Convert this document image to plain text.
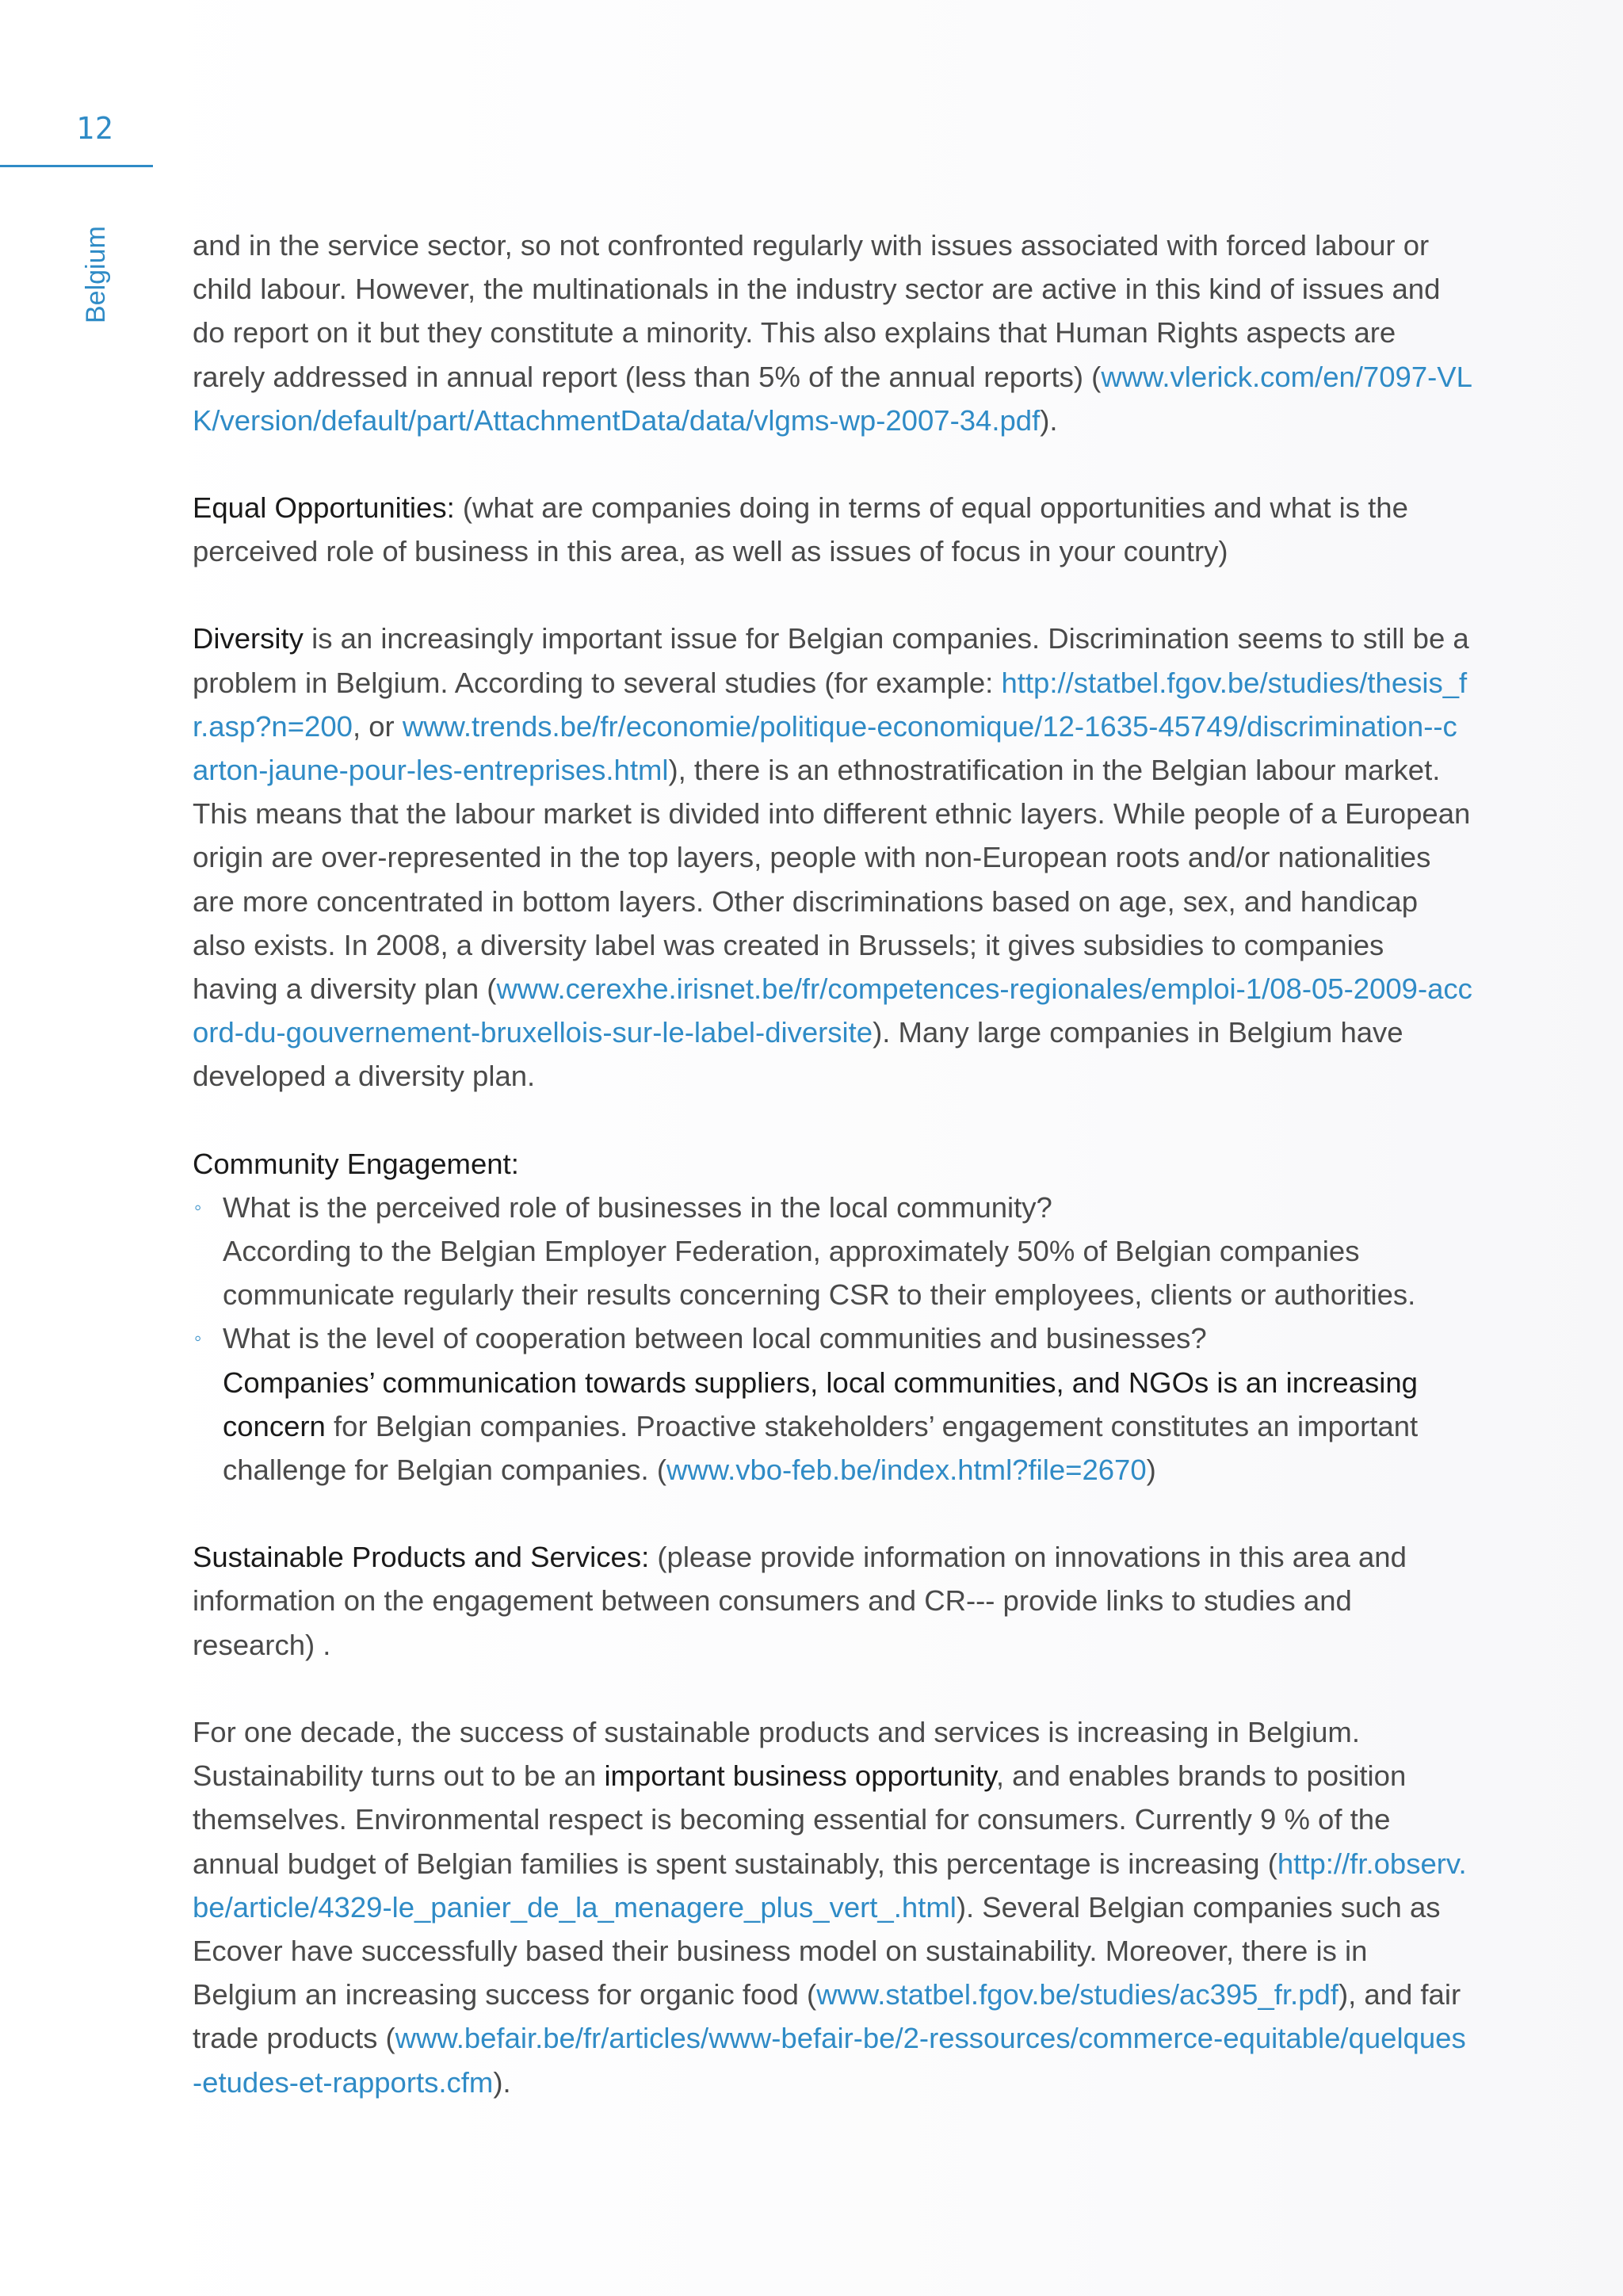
12
Belgium	and in the service sector, so not confronted regularly with issues associated with forced labour or child labour. However, the multinationals in the industry sector are active in this kind of issues and do report on it but they constitute a minority. This also explains that Human Rights aspects are rarely addressed in annual report (less than 5% of the annual reports) (www.vlerick.com/en/7097-VLK/version/default/part/AttachmentData/data/vlgms-wp-2007-34.pdf).

Equal Opportunities: (what are companies doing in terms of equal opportunities and what is the perceived role of business in this area, as well as issues of focus in your country)

Diversity is an increasingly important issue for Belgian companies. Discrimination seems to still be a problem in Belgium. According to several studies (for example: http://statbel.fgov.be/studies/thesis_fr.asp?n=200, or www.trends.be/fr/economie/politique-economique/12-1635-45749/discrimination--carton-jaune-pour-les-entreprises.html), there is an ethnostratification in the Belgian labour market. This means that the labour market is divided into different ethnic layers. While people of a European origin are over-represented in the top layers, people with non-European roots and/or nationalities are more concentrated in bottom layers. Other discriminations based on age, sex, and handicap also exists. In 2008, a diversity label was created in Brussels; it gives subsidies to companies having a diversity plan (www.cerexhe.irisnet.be/fr/competences-regionales/emploi-1/08-05-2009-accord-du-gouvernement-bruxellois-sur-le-label-diversite). Many large companies in Belgium have developed a diversity plan.

Community Engagement:

◦ What is the perceived role of businesses in the local community?
According to the Belgian Employer Federation, approximately 50% of Belgian companies communicate regularly their results concerning CSR to their employees, clients or authorities.
◦ What is the level of cooperation between local communities and businesses?
Companies’ communication towards suppliers, local communities, and NGOs is an increasing concern for Belgian companies. Proactive stakeholders’ engagement constitutes an important challenge for Belgian companies. (www.vbo-feb.be/index.html?file=2670)

Sustainable Products and Services: (please provide information on innovations in this area and information on the engagement between consumers and CR--- provide links to studies and research) .

For one decade, the success of sustainable products and services is increasing in Belgium. Sustainability turns out to be an important business opportunity, and enables brands to position themselves. Environmental respect is becoming essential for consumers. Currently 9 % of the annual budget of Belgian families is spent sustainably, this percentage is increasing (http://fr.observ.be/article/4329-le_panier_de_la_menagere_plus_vert_.html). Several Belgian companies such as Ecover have successfully based their business model on sustainability. Moreover, there is in Belgium an increasing success for organic food (www.statbel.fgov.be/studies/ac395_fr.pdf), and fair trade products (www.befair.be/fr/articles/www-befair-be/2-ressources/commerce-equitable/quelques-etudes-et-rapports.cfm).
